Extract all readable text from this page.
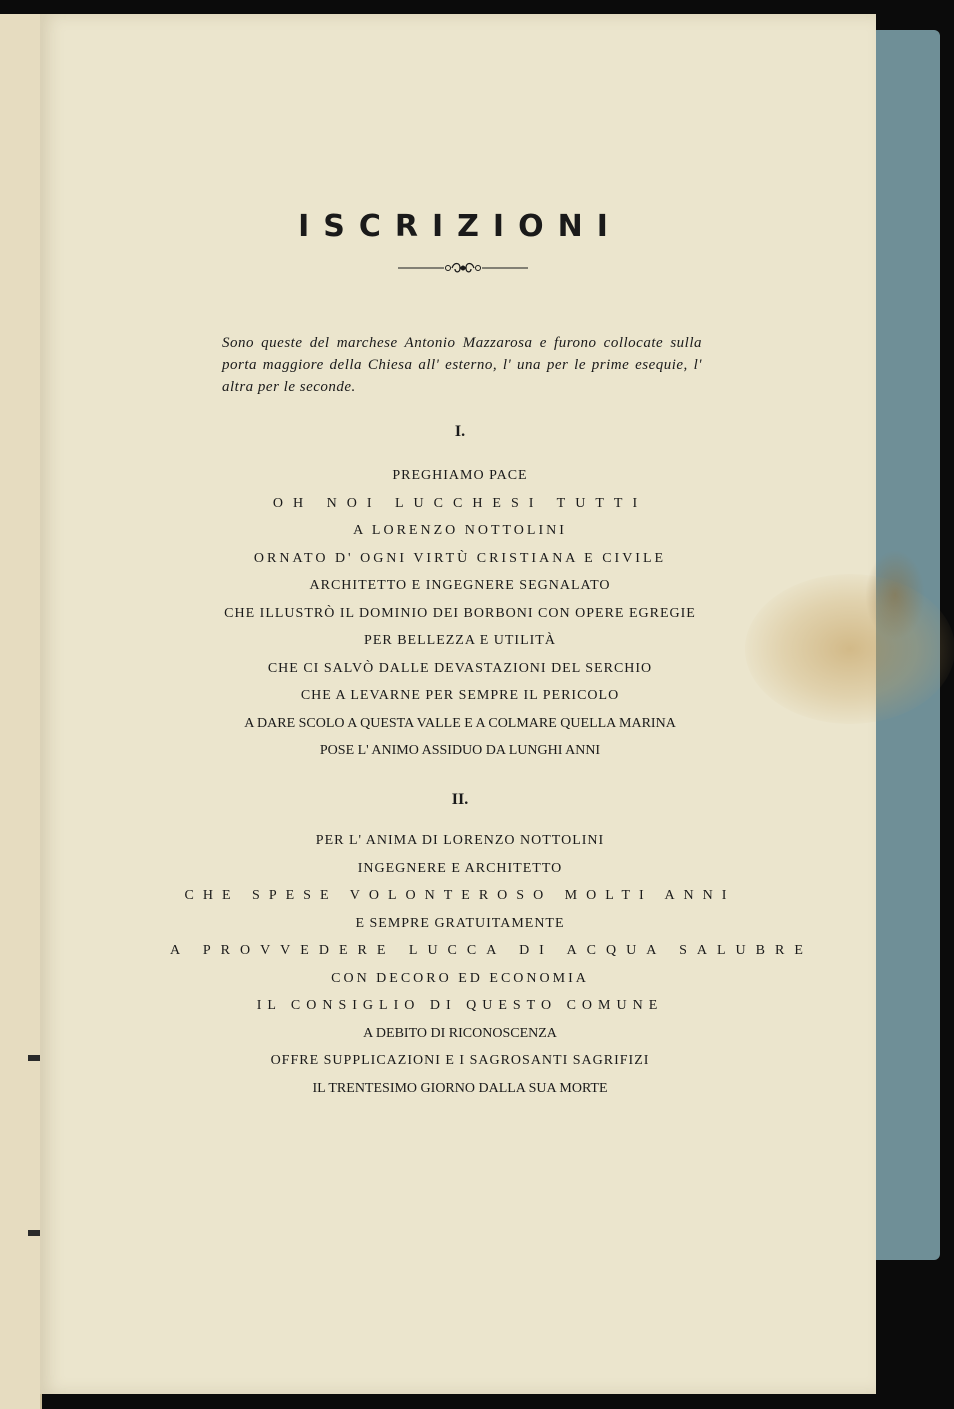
ISCRIZIONI

Sono queste del marchese Antonio Mazzarosa e furono collocate sulla porta maggiore della Chiesa all' esterno, l' una per le prime esequie, l' altra per le seconde.

I.

PREGHIAMO PACE
OH NOI LUCCHESI TUTTI
A LORENZO NOTTOLINI
ORNATO D' OGNI VIRTÙ CRISTIANA E CIVILE
ARCHITETTO E INGEGNERE SEGNALATO
CHE ILLUSTRÒ IL DOMINIO DEI BORBONI CON OPERE EGREGIE
PER BELLEZZA E UTILITÀ
CHE CI SALVÒ DALLE DEVASTAZIONI DEL SERCHIO
CHE A LEVARNE PER SEMPRE IL PERICOLO
A DARE SCOLO A QUESTA VALLE E A COLMARE QUELLA MARINA
POSE L' ANIMO ASSIDUO DA LUNGHI ANNI

II.

PER L' ANIMA DI LORENZO NOTTOLINI
INGEGNERE E ARCHITETTO
CHE SPESE VOLONTEROSO MOLTI ANNI
E SEMPRE GRATUITAMENTE
A PROVVEDERE LUCCA DI ACQUA SALUBRE
CON DECORO ED ECONOMIA
IL CONSIGLIO DI QUESTO COMUNE
A DEBITO DI RICONOSCENZA
OFFRE SUPPLICAZIONI E I SAGROSANTI SAGRIFIZI
IL TRENTESIMO GIORNO DALLA SUA MORTE
